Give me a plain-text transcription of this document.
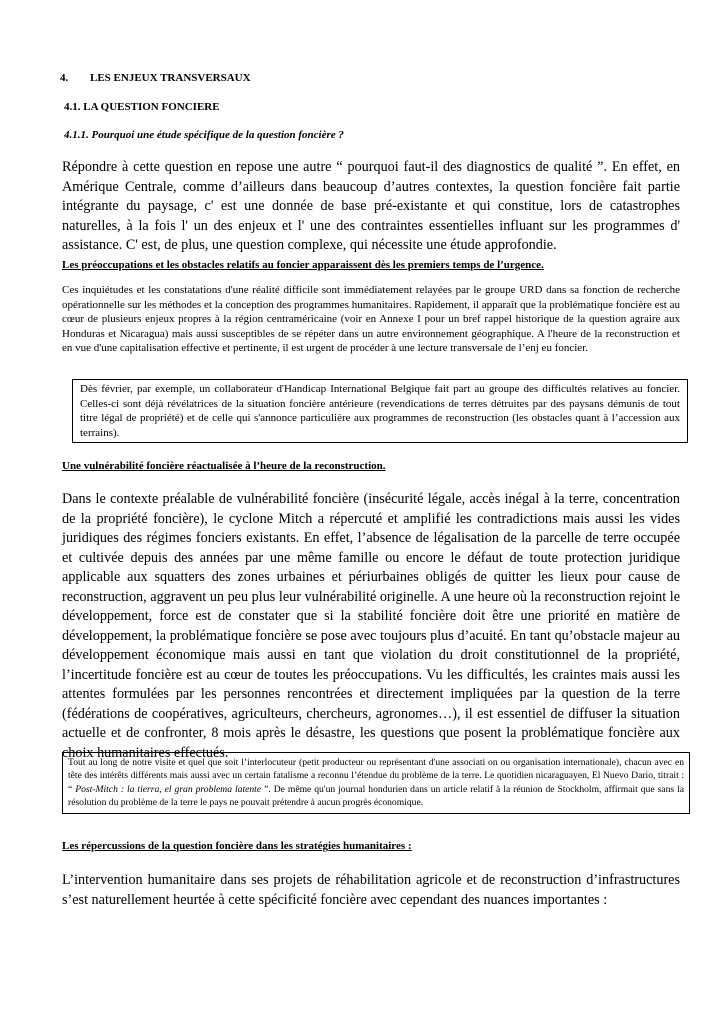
4. LES ENJEUX TRANSVERSAUX
4.1. LA QUESTION FONCIERE
4.1.1. Pourquoi une étude spécifique de la question foncière ?
Répondre à cette question en repose une autre “ pourquoi faut-il des diagnostics de qualité ”. En effet, en Amérique Centrale, comme d’ailleurs dans beaucoup d’autres contextes, la question foncière fait partie intégrante du paysage, c' est une donnée de base pré-existante et qui constitue, lors de catastrophes naturelles, à la fois l' un des enjeux et l' une des contraintes essentielles influant sur les programmes d' assistance. C' est, de plus, une question complexe, qui nécessite une étude approfondie.
Les préoccupations et les obstacles relatifs au foncier apparaissent dès les premiers temps de l’urgence.
Ces inquiétudes et les constatations d'une réalité difficile sont immédiatement relayées par le groupe URD dans sa fonction de recherche opérationnelle sur les méthodes et la conception des programmes humanitaires. Rapidement, il apparaît que la problématique foncière est au cœur de plusieurs enjeux propres à la région centraméricaine (voir en Annexe I pour un bref rappel historique de la question agraire aux Honduras et Nicaragua) mais aussi susceptibles de se répéter dans un autre environnement géographique. A l'heure de la reconstruction et en vue d'une capitalisation effective et pertinente, il est urgent de procéder à une lecture transversale de l’enj eu foncier.
Dès février, par exemple, un collaborateur d'Handicap International Belgique fait part au groupe des difficultés relatives au foncier. Celles-ci sont déjà révélatrices de la situation foncière antérieure (revendications de terres détruites par des paysans démunis de tout titre légal de propriété) et de celle qui s'annonce particulière aux programmes de reconstruction (les obstacles quant à l’accession aux terrains).
Une vulnérabilité foncière réactualisée à l’heure de la reconstruction.
Dans le contexte préalable de vulnérabilité foncière (insécurité légale, accès inégal à la terre, concentration de la propriété foncière), le cyclone Mitch a répercuté et amplifié les contradictions mais aussi les vides juridiques des régimes fonciers existants. En effet, l’absence de légalisation de la parcelle de terre occupée et cultivée depuis des années par une même famille ou encore le défaut de toute protection juridique applicable aux squatters des zones urbaines et périurbaines obligés de quitter les lieux pour cause de reconstruction, aggravent un peu plus leur vulnérabilité originelle. A une heure où la reconstruction rejoint le développement, force est de constater que si la stabilité foncière doit être une priorité en matière de développement, la problématique foncière se pose avec toujours plus d’acuité. En tant qu’obstacle majeur au développement économique mais aussi en tant que violation du droit constitutionnel de la propriété, l’incertitude foncière est au cœur de toutes les préoccupations. Vu les difficultés, les craintes mais aussi les attentes formulées par les personnes rencontrées et directement impliquées par la question de la terre (fédérations de coopératives, agriculteurs, chercheurs, agronomes…), il est essentiel de diffuser la situation actuelle et de confronter, 8 mois après le désastre, les questions que posent la problématique foncière aux choix humanitaires effectués.
Tout au long de notre visite et quel que soit l’interlocuteur (petit producteur ou représentant d'une associati on ou organisation internationale), chacun avec en tête des intérêts différents mais aussi avec un certain fatalisme a reconnu l’étendue du problème de la terre. Le quotidien nicaraguayen, El Nuevo Dario, titrait : “ Post-Mitch : la tierra, el gran problema latente ”. De même qu'un journal hondurien dans un article relatif à la réunion de Stockholm, affirmait que sans la résolution du problème de la terre le pays ne pouvait prétendre à aucun progrès économique.
Les répercussions de la question foncière dans les stratégies humanitaires :
L’intervention humanitaire dans ses projets de réhabilitation agricole et de reconstruction d’infrastructures s’est naturellement heurtée à cette spécificité foncière avec cependant des nuances importantes :
